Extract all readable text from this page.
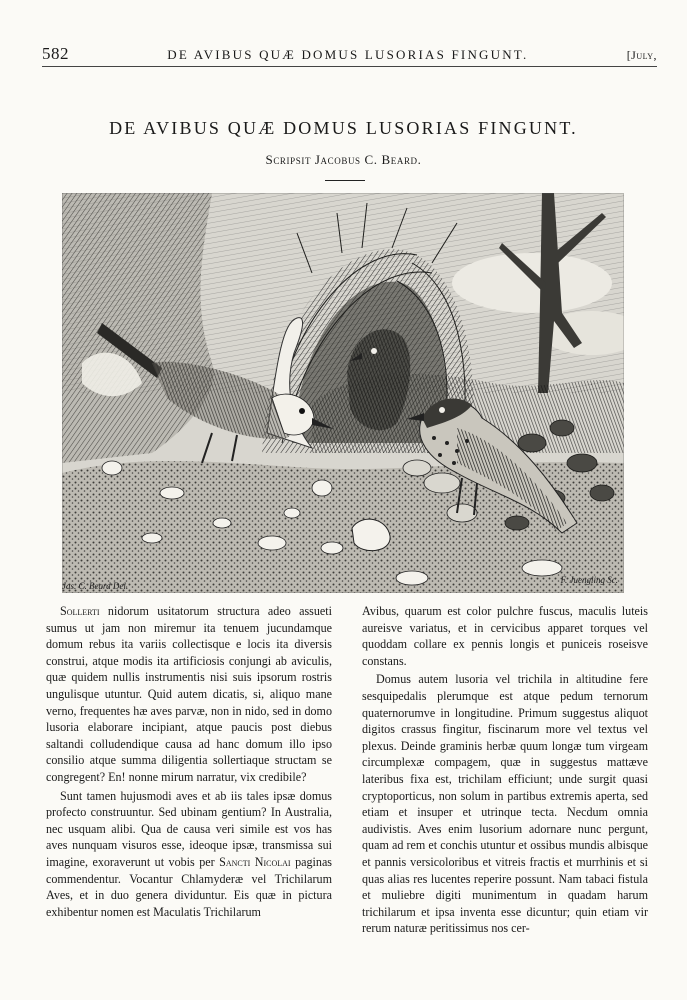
582	DE AVIBUS QUÆ DOMUS LUSORIAS FINGUNT.	[July,
DE AVIBUS QUÆ DOMUS LUSORIAS FINGUNT.
Scripsit Jacobus C. Beard.
Jas. C. Beard Del.
F. Juengling Sc.

Sollerti nidorum usitatorum structura adeo assueti sumus ut jam non miremur ita tenuem jucundamque domum rebus ita variis collectisque e locis ita diversis construi, atque modis ita artificiosis conjungi ab aviculis, quæ quidem nullis instrumentis nisi suis ipsorum rostris ungulisque utuntur. Quid autem dicatis, si, aliquo mane verno, frequentes hæ aves parvæ, non in nido, sed in domo lusoria elaborare incipiant, atque paucis post diebus saltandi colludendique causa ad hanc domum illo ipso consilio atque summa diligentia sollertiaque structam se congregent? En! nonne mirum narratur, vix credibile?

Sunt tamen hujusmodi aves et ab iis tales ipsæ domus profecto construuntur. Sed ubinam gentium? In Australia, nec usquam alibi. Qua de causa veri simile est vos has aves nunquam visuros esse, ideoque ipsæ, transmissa sui imagine, exoraverunt ut vobis per Sancti Nicolai paginas commendentur. Vocantur Chlamyderæ vel Trichilarum Aves, et in duo genera dividuntur. Eis quæ in pictura exhibentur nomen est Maculatis Trichilarum

Avibus, quarum est color pulchre fuscus, maculis luteis aureisve variatus, et in cervicibus apparet torques vel quoddam collare ex pennis longis et puniceis roseisve constans.

Domus autem lusoria vel trichila in altitudine fere sesquipedalis plerumque est atque pedum ternorum quaternorumve in longitudine. Primum suggestus aliquot digitos crassus fingitur, fiscinarum more vel textus vel plexus. Deinde graminis herbæ quum longæ tum virgeam circumplexæ compagem, quæ in suggestus mattæve lateribus fixa est, trichilam efficiunt; unde surgit quasi cryptoporticus, non solum in partibus extremis aperta, sed etiam et insuper et utrinque tecta. Necdum omnia audivistis. Aves enim lusorium adornare nunc pergunt, quam ad rem et conchis utuntur et ossibus mundis albisque et pannis versicoloribus et vitreis fractis et murrhinis et si quas alias res lucentes reperire possunt. Nam tabaci fistula et muliebre digiti munimentum in quadam harum trichilarum et ipsa inventa esse dicuntur; quin etiam vir rerum naturæ peritissimus nos cer-
